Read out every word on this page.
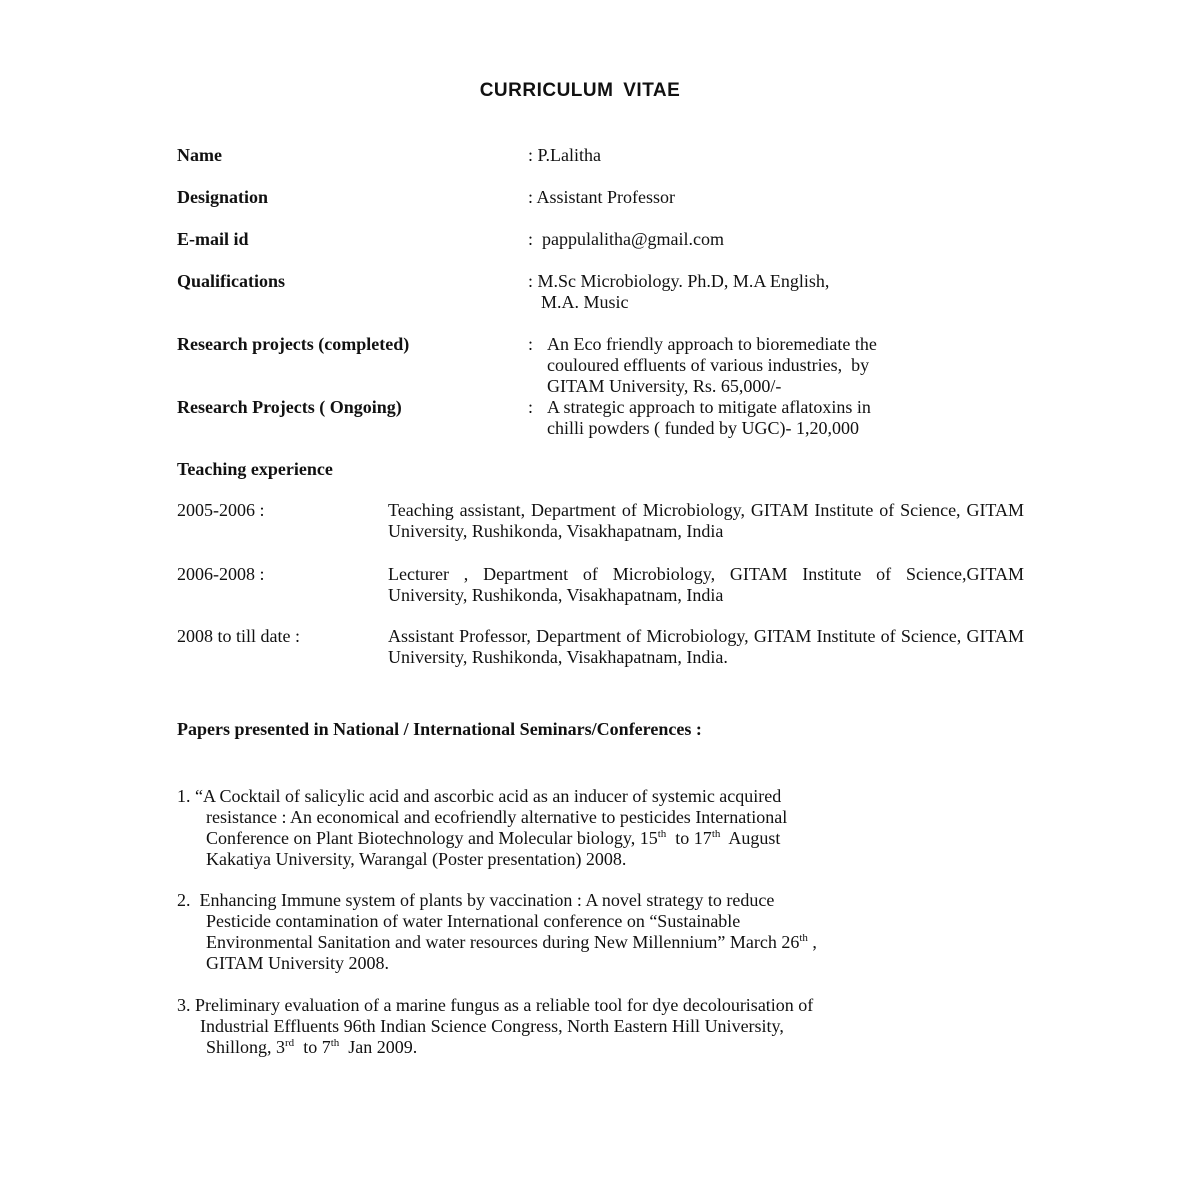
CURRICULUM VITAE
Name	: P.Lalitha
Designation	: Assistant Professor
E-mail id	:  pappulalitha@gmail.com
Qualifications	: M.Sc Microbiology. Ph.D, M.A English,
M.A. Music
Research projects (completed)	: An Eco friendly approach to bioremediate the
couloured effluents of various industries,  by
GITAM University, Rs. 65,000/-
Research Projects ( Ongoing)	: A strategic approach to mitigate aflatoxins in
chilli powders ( funded by UGC)- 1,20,000
Teaching experience
2005-2006 :	Teaching assistant, Department of Microbiology, GITAM Institute of Science, GITAM University, Rushikonda, Visakhapatnam, India
2006-2008 :	Lecturer , Department of Microbiology, GITAM Institute of Science,GITAM University, Rushikonda, Visakhapatnam, India
2008 to till date :	Assistant Professor, Department of Microbiology, GITAM Institute of Science, GITAM University, Rushikonda, Visakhapatnam, India.
Papers presented in National / International Seminars/Conferences :
1. “A Cocktail of salicylic acid and ascorbic acid as an inducer of systemic acquired
resistance : An economical and ecofriendly alternative to pesticides International
Conference on Plant Biotechnology and Molecular biology, 15th  to 17th  August
Kakatiya University, Warangal (Poster presentation) 2008.
2.  Enhancing Immune system of plants by vaccination : A novel strategy to reduce
Pesticide contamination of water International conference on “Sustainable
Environmental Sanitation and water resources during New Millennium” March 26th ,
GITAM University 2008.
3. Preliminary evaluation of a marine fungus as a reliable tool for dye decolourisation of
Industrial Effluents 96th Indian Science Congress, North Eastern Hill University,
Shillong, 3rd  to 7th  Jan 2009.
